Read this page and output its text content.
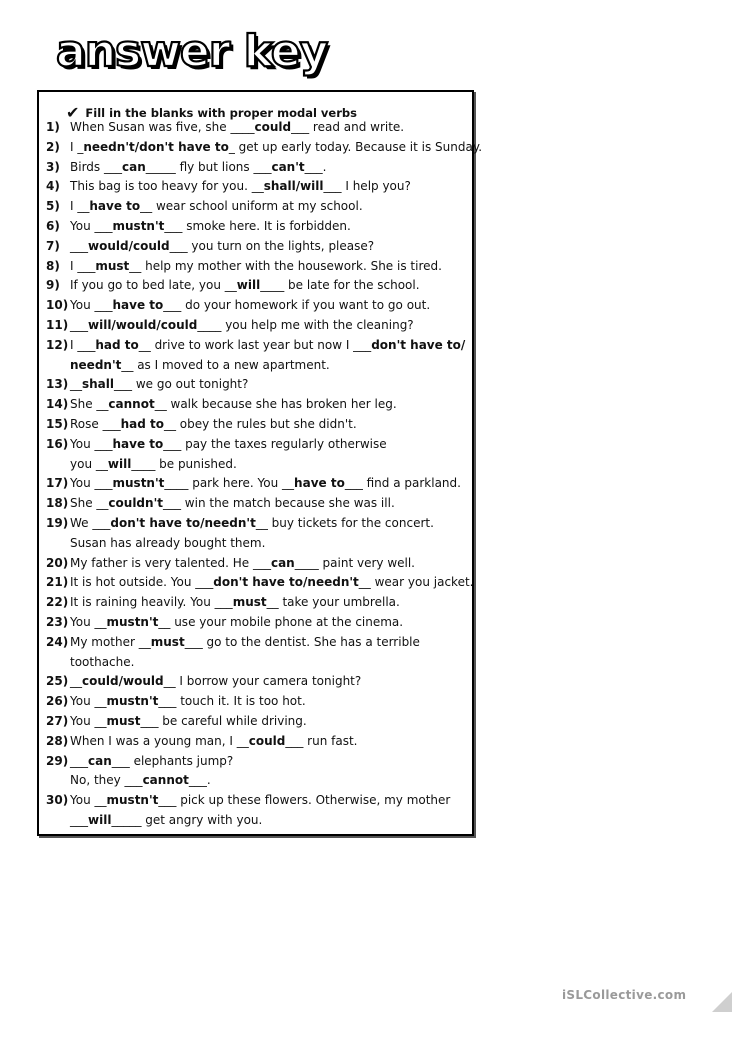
answer key
✔ Fill in the blanks with proper modal verbs
1) When Susan was five, she ____could___ read and write.
2) I _needn't/don't have to_ get up early today. Because it is Sunday.
3) Birds ___can_____ fly but lions ___can't___.
4) This bag is too heavy for you. __shall/will___ I help you?
5) I __have to__ wear school uniform at my school.
6) You ___mustn't___ smoke here. It is forbidden.
7) ___would/could___ you turn on the lights, please?
8) I ___must__ help my mother with the housework. She is tired.
9) If you go to bed late, you __will____ be late for the school.
10) You ___have to___ do your homework if you want to go out.
11) ___will/would/could____ you help me with the cleaning?
12) I ___had to__ drive to work last year but now I ___don't have to/
needn't__ as I moved to a new apartment.
13) __shall___ we go out tonight?
14) She __cannot__ walk because she has broken her leg.
15) Rose ___had to__ obey the rules but she didn't.
16) You ___have to___ pay the taxes regularly otherwise
you __will____ be punished.
17) You ___mustn't____ park here. You __have to___ find a parkland.
18) She __couldn't___ win the match because she was ill.
19) We ___don't have to/needn't__ buy tickets for the concert.
Susan has already bought them.
20) My father is very talented. He ___can____ paint very well.
21) It is hot outside. You ___don't have to/needn't__ wear you jacket.
22) It is raining heavily. You ___must__ take your umbrella.
23) You __mustn't__ use your mobile phone at the cinema.
24) My mother __must___ go to the dentist. She has a terrible
toothache.
25) __could/would__ I borrow your camera tonight?
26) You __mustn't___ touch it. It is too hot.
27) You __must___ be careful while driving.
28) When I was a young man, I __could___ run fast.
29) ___can___ elephants jump?
No, they ___cannot___.
30) You __mustn't___ pick up these flowers. Otherwise, my mother
___will_____ get angry with you.
iSLCollective.com
